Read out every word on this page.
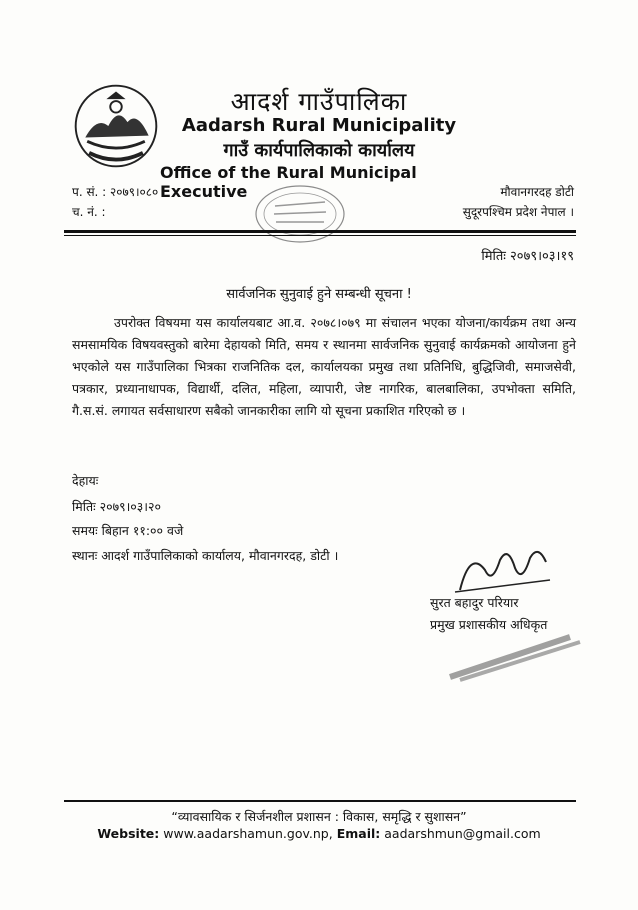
आदर्श गाउँपालिका
Aadarsh Rural Municipality
गाउँ कार्यपालिकाको कार्यालय
Office of the Rural Municipal Executive
प. सं. : २०७९।०८०
च. नं. :
मौवानगरदह डोटी
सुदूरपश्चिम प्रदेश नेपाल ।
मितिः २०७९।०३।१९
सार्वजनिक सुनुवाई हुने सम्बन्धी सूचना !

उपरोक्त विषयमा यस कार्यालयबाट आ.व. २०७८।०७९ मा संचालन भएका योजना/कार्यक्रम तथा अन्य समसामयिक विषयवस्तुको बारेमा देहायको मिति, समय र स्थानमा सार्वजनिक सुनुवाई कार्यक्रमको आयोजना हुने भएकोले यस गाउँपालिका भित्रका राजनितिक दल, कार्यालयका प्रमुख तथा प्रतिनिधि, बुद्धिजिवी, समाजसेवी, पत्रकार, प्रध्यानाधापक, विद्यार्थी, दलित, महिला, व्यापारी, जेष्ट नागरिक, बालबालिका, उपभोक्ता समिति, गै.स.सं. लगायत सर्वसाधारण सबैको जानकारीका लागि यो सूचना प्रकाशित गरिएको छ ।

देहायः
मितिः २०७९।०३।२०
समयः बिहान ११:०० वजे
स्थानः आदर्श गाउँपालिकाको कार्यालय, मौवानगरदह, डोटी ।
सुरत बहादुर परियार
प्रमुख प्रशासकीय अधिकृत
“व्यावसायिक र सिर्जनशील प्रशासन : विकास, समृद्धि र सुशासन”
Website: www.aadarshamun.gov.np, Email: aadarshmun@gmail.com
